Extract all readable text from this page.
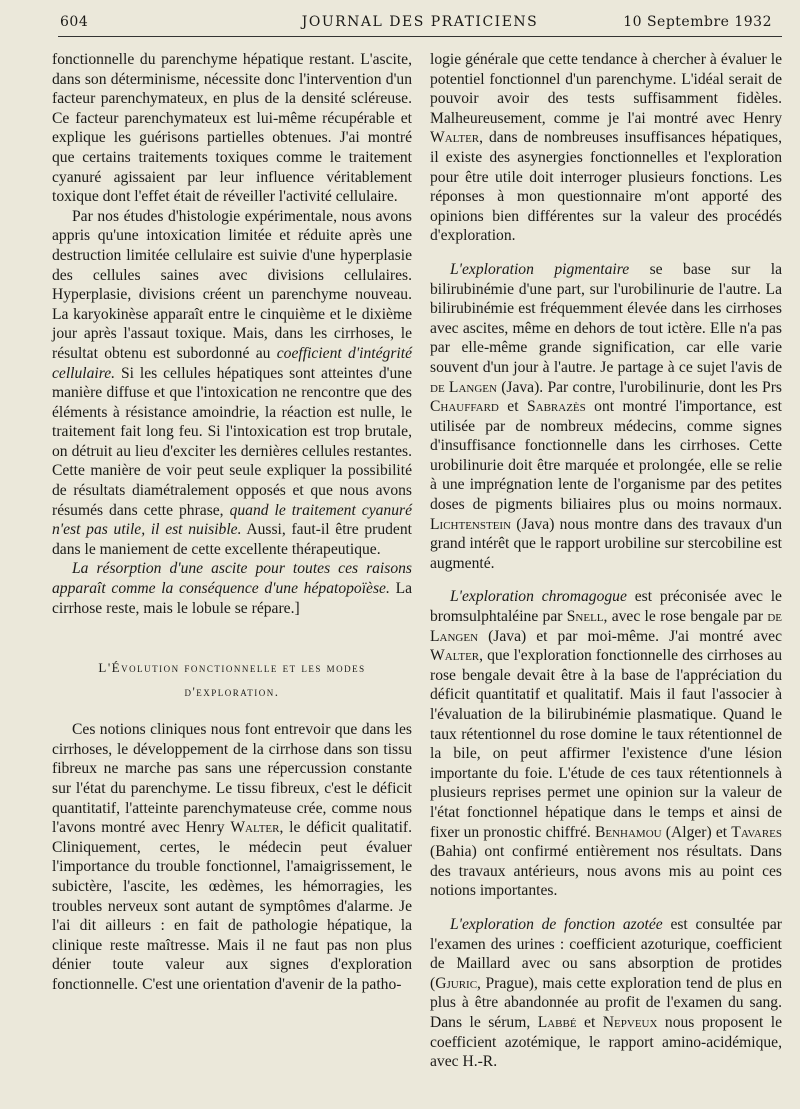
604	JOURNAL DES PRATICIENS	10 Septembre 1932

fonctionnelle du parenchyme hépatique restant. L'ascite, dans son déterminisme, nécessite donc l'intervention d'un facteur parenchymateux, en plus de la densité scléreuse. Ce facteur parenchymateux est lui-même récupérable et explique les guérisons partielles obtenues. J'ai montré que certains traitements toxiques comme le traitement cyanuré agissaient par leur influence véritablement toxique dont l'effet était de réveiller l'activité cellulaire.

Par nos études d'histologie expérimentale, nous avons appris qu'une intoxication limitée et réduite après une destruction limitée cellulaire est suivie d'une hyperplasie des cellules saines avec divisions cellulaires. Hyperplasie, divisions créent un parenchyme nouveau. La karyokinèse apparaît entre le cinquième et le dixième jour après l'assaut toxique. Mais, dans les cirrhoses, le résultat obtenu est subordonné au coefficient d'intégrité cellulaire. Si les cellules hépatiques sont atteintes d'une manière diffuse et que l'intoxication ne rencontre que des éléments à résistance amoindrie, la réaction est nulle, le traitement fait long feu. Si l'intoxication est trop brutale, on détruit au lieu d'exciter les dernières cellules restantes. Cette manière de voir peut seule expliquer la possibilité de résultats diamétralement opposés et que nous avons résumés dans cette phrase, quand le traitement cyanuré n'est pas utile, il est nuisible. Aussi, faut-il être prudent dans le maniement de cette excellente thérapeutique.

La résorption d'une ascite pour toutes ces raisons apparaît comme la conséquence d'une hépatopoïèse. La cirrhose reste, mais le lobule se répare.]

L'Évolution fonctionnelle et les modes
d'exploration.

Ces notions cliniques nous font entrevoir que dans les cirrhoses, le développement de la cirrhose dans son tissu fibreux ne marche pas sans une répercussion constante sur l'état du parenchyme. Le tissu fibreux, c'est le déficit quantitatif, l'atteinte parenchymateuse crée, comme nous l'avons montré avec Henry Walter, le déficit qualitatif. Cliniquement, certes, le médecin peut évaluer l'importance du trouble fonctionnel, l'amaigrissement, le subictère, l'ascite, les œdèmes, les hémorragies, les troubles nerveux sont autant de symptômes d'alarme. Je l'ai dit ailleurs : en fait de pathologie hépatique, la clinique reste maîtresse. Mais il ne faut pas non plus dénier toute valeur aux signes d'exploration fonctionnelle. C'est une orientation d'avenir de la patho-

logie générale que cette tendance à chercher à évaluer le potentiel fonctionnel d'un parenchyme. L'idéal serait de pouvoir avoir des tests suffisamment fidèles. Malheureusement, comme je l'ai montré avec Henry Walter, dans de nombreuses insuffisances hépatiques, il existe des asynergies fonctionnelles et l'exploration pour être utile doit interroger plusieurs fonctions. Les réponses à mon questionnaire m'ont apporté des opinions bien différentes sur la valeur des procédés d'exploration.

L'exploration pigmentaire se base sur la bilirubinémie d'une part, sur l'urobilinurie de l'autre. La bilirubinémie est fréquemment élevée dans les cirrhoses avec ascites, même en dehors de tout ictère. Elle n'a pas par elle-même grande signification, car elle varie souvent d'un jour à l'autre. Je partage à ce sujet l'avis de de Langen (Java). Par contre, l'urobilinurie, dont les Prs Chauffard et Sabrazès ont montré l'importance, est utilisée par de nombreux médecins, comme signes d'insuffisance fonctionnelle dans les cirrhoses. Cette urobilinurie doit être marquée et prolongée, elle se relie à une imprégnation lente de l'organisme par des petites doses de pigments biliaires plus ou moins normaux. Lichtenstein (Java) nous montre dans des travaux d'un grand intérêt que le rapport urobiline sur stercobiline est augmenté.

L'exploration chromagogue est préconisée avec le bromsulphtaléine par Snell, avec le rose bengale par de Langen (Java) et par moi-même. J'ai montré avec Walter, que l'exploration fonctionnelle des cirrhoses au rose bengale devait être à la base de l'appréciation du déficit quantitatif et qualitatif. Mais il faut l'associer à l'évaluation de la bilirubinémie plasmatique. Quand le taux rétentionnel du rose domine le taux rétentionnel de la bile, on peut affirmer l'existence d'une lésion importante du foie. L'étude de ces taux rétentionnels à plusieurs reprises permet une opinion sur la valeur de l'état fonctionnel hépatique dans le temps et ainsi de fixer un pronostic chiffré. Benhamou (Alger) et Tavares (Bahia) ont confirmé entièrement nos résultats. Dans des travaux antérieurs, nous avons mis au point ces notions importantes.

L'exploration de fonction azotée est consultée par l'examen des urines : coefficient azoturique, coefficient de Maillard avec ou sans absorption de protides (Gjuric, Prague), mais cette exploration tend de plus en plus à être abandonnée au profit de l'examen du sang. Dans le sérum, Labbé et Nepveux nous proposent le coefficient azotémique, le rapport amino-acidémique, avec H.-R.
